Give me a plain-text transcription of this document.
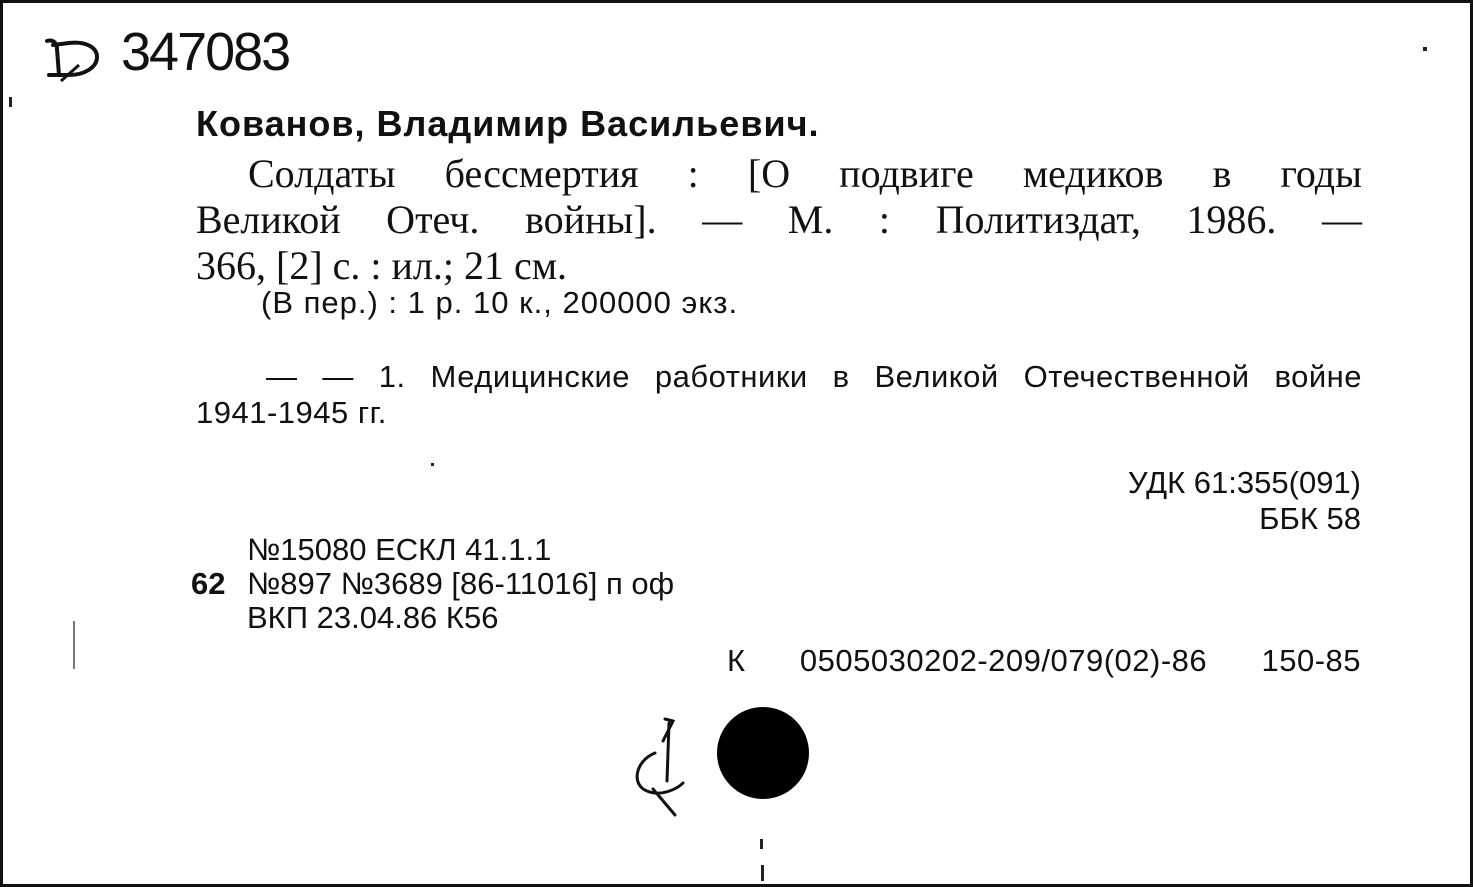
347083
Кованов, Владимир Васильевич.
Солдаты бессмертия : [О подвиге медиков в годы
Великой Отеч. войны]. — М. : Политиздат, 1986. —
366, [2] с. : ил.; 21 см.
(В пер.) : 1 р. 10 к., 200000 экз.
— — 1. Медицинские работники в Великой Отечественной войне
1941-1945 гг.
УДК 61:355(091)
ББК 58
№15080 ЕСКЛ 41.1.1
62 №897 №3689 [86-11016] п оф
ВКП 23.04.86 К56
К 0505030202-209/079(02)-86 150-85
